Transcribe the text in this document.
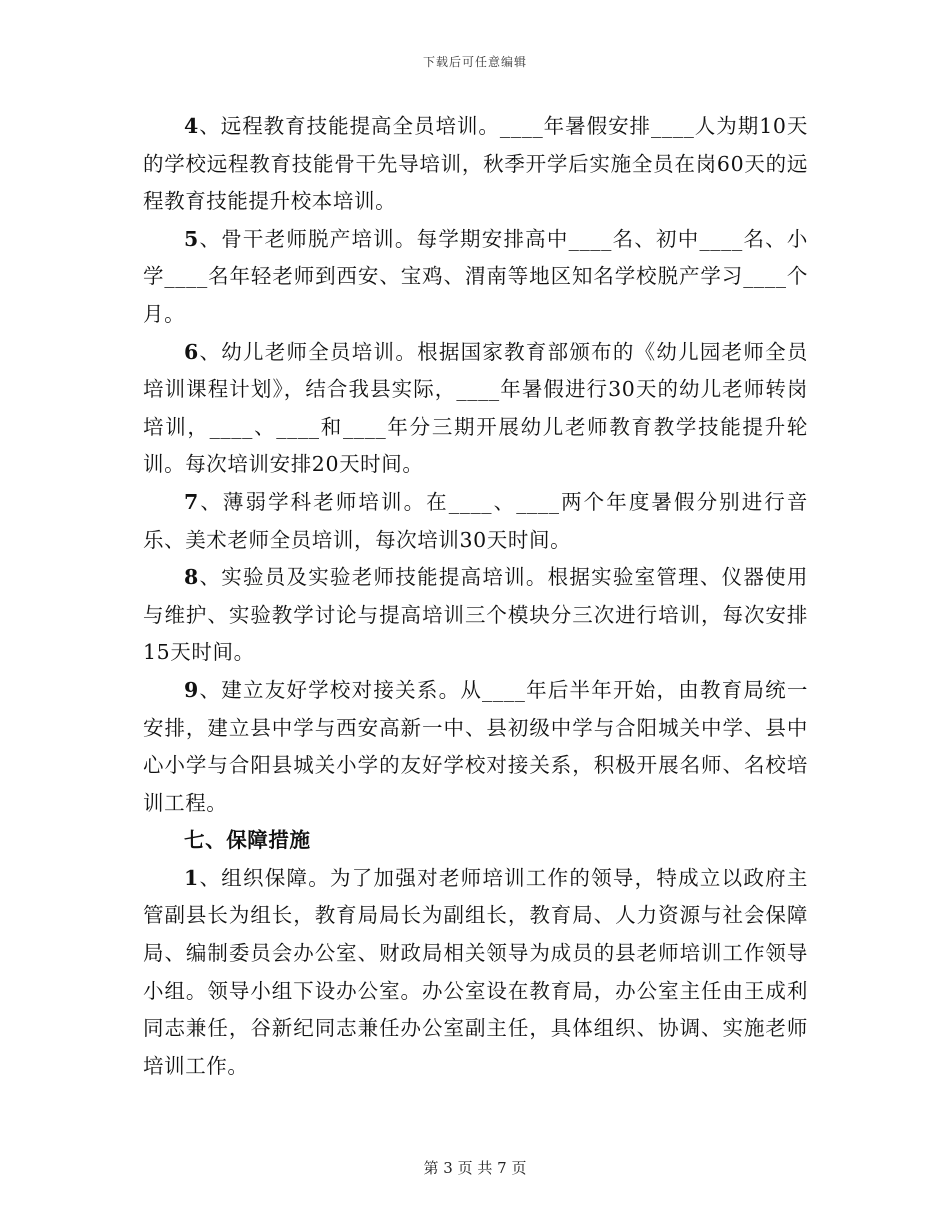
下载后可任意编辑

4、远程教育技能提高全员培训。____年暑假安排____人为期10天的学校远程教育技能骨干先导培训，秋季开学后实施全员在岗60天的远程教育技能提升校本培训。

5、骨干老师脱产培训。每学期安排高中____名、初中____名、小学____名年轻老师到西安、宝鸡、渭南等地区知名学校脱产学习____个月。

6、幼儿老师全员培训。根据国家教育部颁布的《幼儿园老师全员培训课程计划》，结合我县实际，____年暑假进行30天的幼儿老师转岗培训，____、____和____年分三期开展幼儿老师教育教学技能提升轮训。每次培训安排20天时间。

7、薄弱学科老师培训。在____、____两个年度暑假分别进行音乐、美术老师全员培训，每次培训30天时间。

8、实验员及实验老师技能提高培训。根据实验室管理、仪器使用与维护、实验教学讨论与提高培训三个模块分三次进行培训，每次安排15天时间。

9、建立友好学校对接关系。从____年后半年开始，由教育局统一安排，建立县中学与西安高新一中、县初级中学与合阳城关中学、县中心小学与合阳县城关小学的友好学校对接关系，积极开展名师、名校培训工程。

七、保障措施

1、组织保障。为了加强对老师培训工作的领导，特成立以政府主管副县长为组长，教育局局长为副组长，教育局、人力资源与社会保障局、编制委员会办公室、财政局相关领导为成员的县老师培训工作领导小组。领导小组下设办公室。办公室设在教育局，办公室主任由王成利同志兼任，谷新纪同志兼任办公室副主任，具体组织、协调、实施老师培训工作。

第 3 页 共 7 页
